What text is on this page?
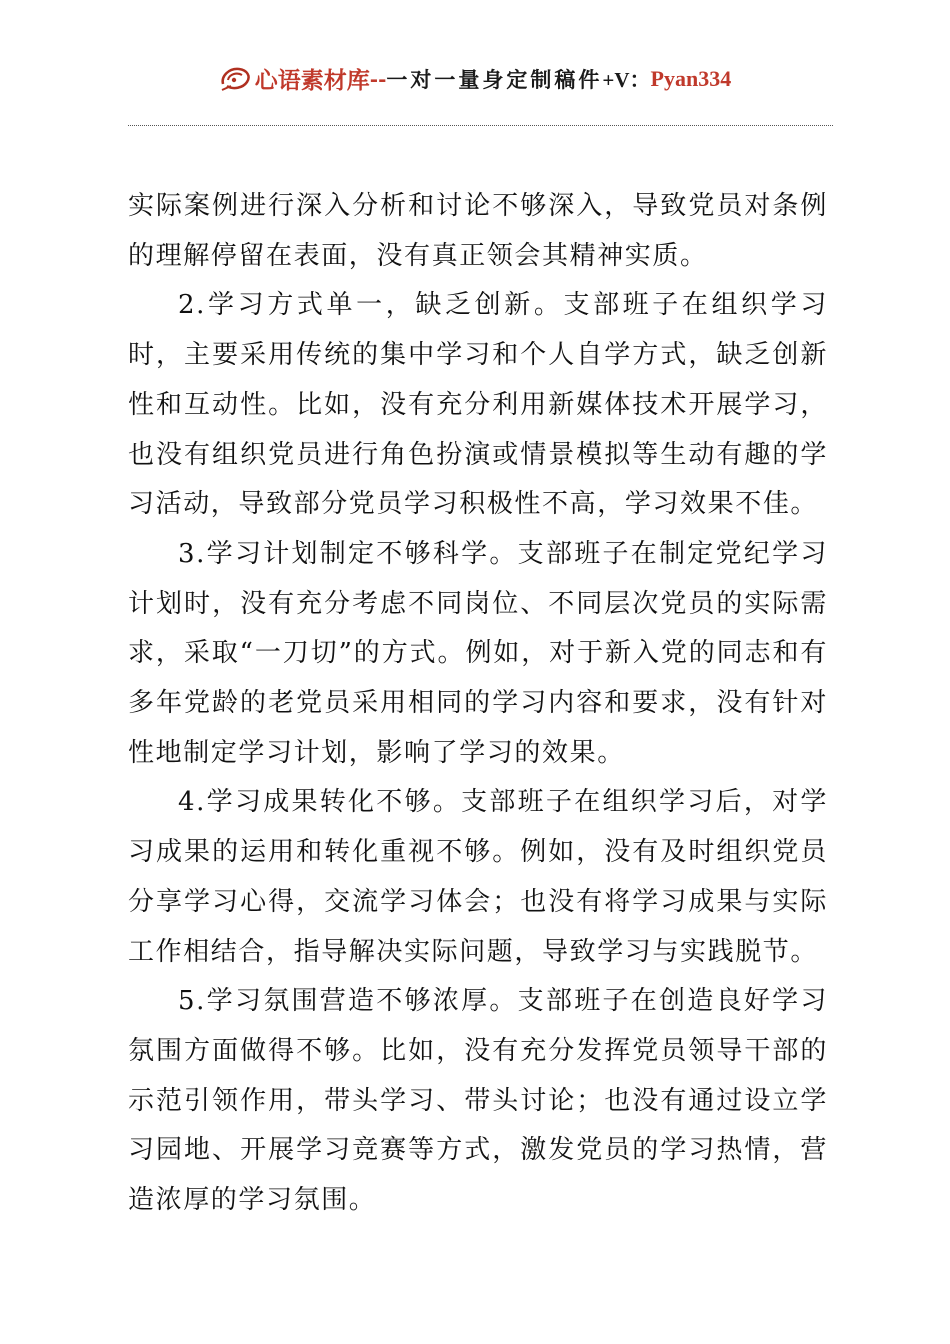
心语素材库 -- 一对一量身定制稿件 +V： Pyan334

实际案例进行深入分析和讨论不够深入，导致党员对条例的理解停留在表面，没有真正领会其精神实质。

2.学习方式单一，缺乏创新。支部班子在组织学习时，主要采用传统的集中学习和个人自学方式，缺乏创新性和互动性。比如，没有充分利用新媒体技术开展学习，也没有组织党员进行角色扮演或情景模拟等生动有趣的学习活动，导致部分党员学习积极性不高，学习效果不佳。

3.学习计划制定不够科学。支部班子在制定党纪学习计划时，没有充分考虑不同岗位、不同层次党员的实际需求，采取“一刀切”的方式。例如，对于新入党的同志和有多年党龄的老党员采用相同的学习内容和要求，没有针对性地制定学习计划，影响了学习的效果。

4.学习成果转化不够。支部班子在组织学习后，对学习成果的运用和转化重视不够。例如，没有及时组织党员分享学习心得，交流学习体会；也没有将学习成果与实际工作相结合，指导解决实际问题，导致学习与实践脱节。

5.学习氛围营造不够浓厚。支部班子在创造良好学习氛围方面做得不够。比如，没有充分发挥党员领导干部的示范引领作用，带头学习、带头讨论；也没有通过设立学习园地、开展学习竞赛等方式，激发党员的学习热情，营造浓厚的学习氛围。
